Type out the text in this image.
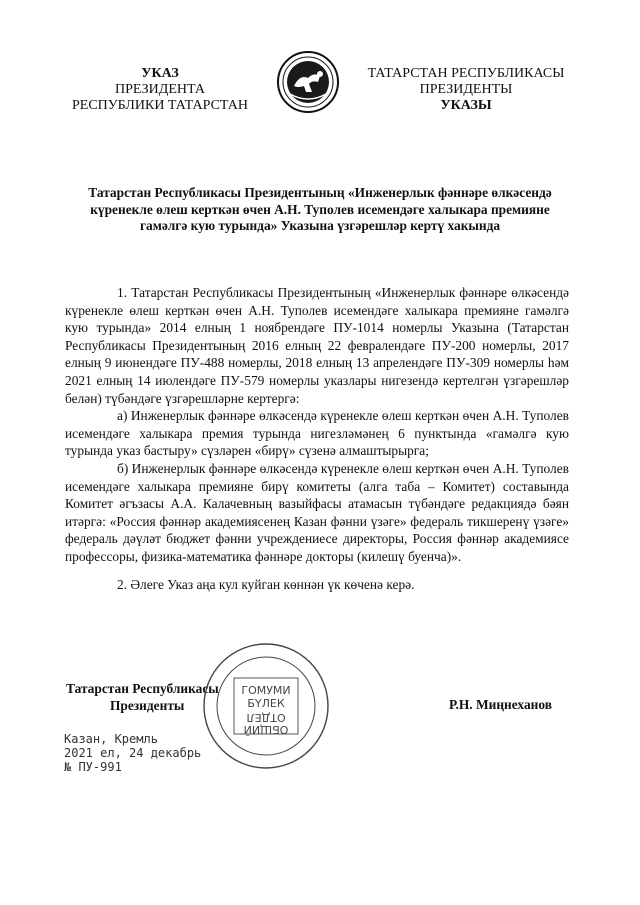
УКАЗ
ПРЕЗИДЕНТА
РЕСПУБЛИКИ ТАТАРСТАН
ТАТАРСТАН РЕСПУБЛИКАСЫ
ПРЕЗИДЕНТЫ
УКАЗЫ
Татарстан Республикасы Президентының «Инженерлык фәннәре өлкәсендә күренекле өлеш керткән өчен А.Н. Туполев исемендәге халыкара премияне гамәлгә кую турында» Указына үзгәрешләр кертү хакында

1. Татарстан Республикасы Президентының «Инженерлык фәннәре өлкәсендә күренекле өлеш керткән өчен А.Н. Туполев исемендәге халыкара премияне гамәлгә кую турында» 2014 елның 1 ноябрендәге ПУ-1014 номерлы Указына (Татарстан Республикасы Президентының 2016 елның 22 февралендәге ПУ-200 номерлы, 2017 елның 9 июнендәге ПУ-488 номерлы, 2018 елның 13 апрелендәге ПУ-309 номерлы һәм 2021 елның 14 июлендәге ПУ-579 номерлы указлары нигезендә кертелгән үзгәрешләр белән) түбәндәге үзгәрешләрне кертергә:

а) Инженерлык фәннәре өлкәсендә күренекле өлеш керткән өчен А.Н. Туполев исемендәге халыкара премия турында нигезләмәнең 6 пунктында «гамәлгә кую турында указ бастыру» сүзләрен «бирү» сүзенә алмаштырырга;

б) Инженерлык фәннәре өлкәсендә күренекле өлеш керткән өчен А.Н. Туполев исемендәге халыкара премияне бирү комитеты (алга таба – Комитет) составында Комитет әгъзасы А.А. Калачевның вазыйфасы атамасын түбәндәге редакциядә бәян итәргә: «Россия фәннәр академиясенең Казан фәнни үзәге» федераль тикшеренү үзәге» федераль дәүләт бюджет фәнни учреждениесе директоры, Россия фәннәр академиясе профессоры, физика-математика фәннәре докторы (килешү буенча)».

2. Әлеге Указ аңа кул куйган көннән үк көченә керә.

Татарстан Республикасы
Президенты	Р.Н. Миңнеханов
Казан, Кремль
2021 ел, 24 декабрь
№ ПУ-991
ГОМУМИ
БҮЛЕК
ОТДЕЛ
ОБЩИЙ
